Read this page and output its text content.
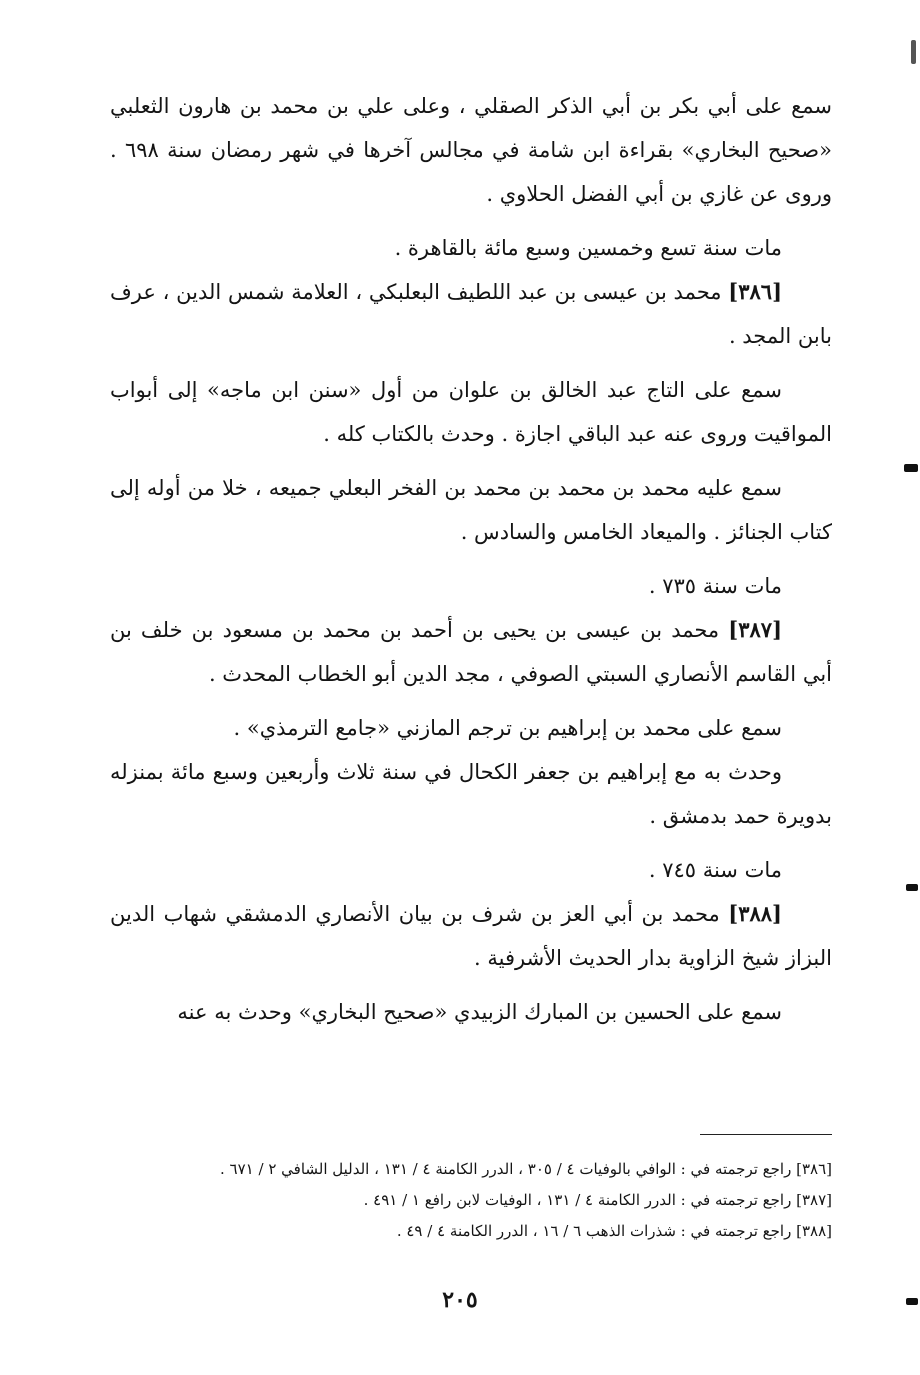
سمع على أبي بكر بن أبي الذكر الصقلي ، وعلى علي بن محمد بن هارون الثعلبي «صحيح البخاري» بقراءة ابن شامة في مجالس آخرها في شهر رمضان سنة ٦٩٨ . وروى عن غازي بن أبي الفضل الحلاوي .

مات سنة تسع وخمسين وسبع مائة بالقاهرة .

[٣٨٦] محمد بن عيسى بن عبد اللطيف البعلبكي ، العلامة شمس الدين ، عرف بابن المجد .

سمع على التاج عبد الخالق بن علوان من أول «سنن ابن ماجه» إلى أبواب المواقيت وروى عنه عبد الباقي اجازة . وحدث بالكتاب كله .

سمع عليه محمد بن محمد بن محمد بن الفخر البعلي جميعه ، خلا من أوله إلى كتاب الجنائز . والميعاد الخامس والسادس .

مات سنة ٧٣٥ .

[٣٨٧] محمد بن عيسى بن يحيى بن أحمد بن محمد بن مسعود بن خلف بن أبي القاسم الأنصاري السبتي الصوفي ، مجد الدين أبو الخطاب المحدث .

سمع على محمد بن إبراهيم بن ترجم المازني «جامع الترمذي» .

وحدث به مع إبراهيم بن جعفر الكحال في سنة ثلاث وأربعين وسبع مائة بمنزله بدويرة حمد بدمشق .

مات سنة ٧٤٥ .

[٣٨٨] محمد بن أبي العز بن شرف بن بيان الأنصاري الدمشقي شهاب الدين البزاز شيخ الزاوية بدار الحديث الأشرفية .

سمع على الحسين بن المبارك الزبيدي «صحيح البخاري» وحدث به عنه

[٣٨٦] راجع ترجمته في : الوافي بالوفيات ٤ / ٣٠٥ ، الدرر الكامنة ٤ / ١٣١ ، الدليل الشافي ٢ / ٦٧١ .

[٣٨٧] راجع ترجمته في : الدرر الكامنة ٤ / ١٣١ ، الوفيات لابن رافع ١ / ٤٩١ .

[٣٨٨] راجع ترجمته في : شذرات الذهب ٦ / ١٦ ، الدرر الكامنة ٤ / ٤٩ .

٢٠٥
